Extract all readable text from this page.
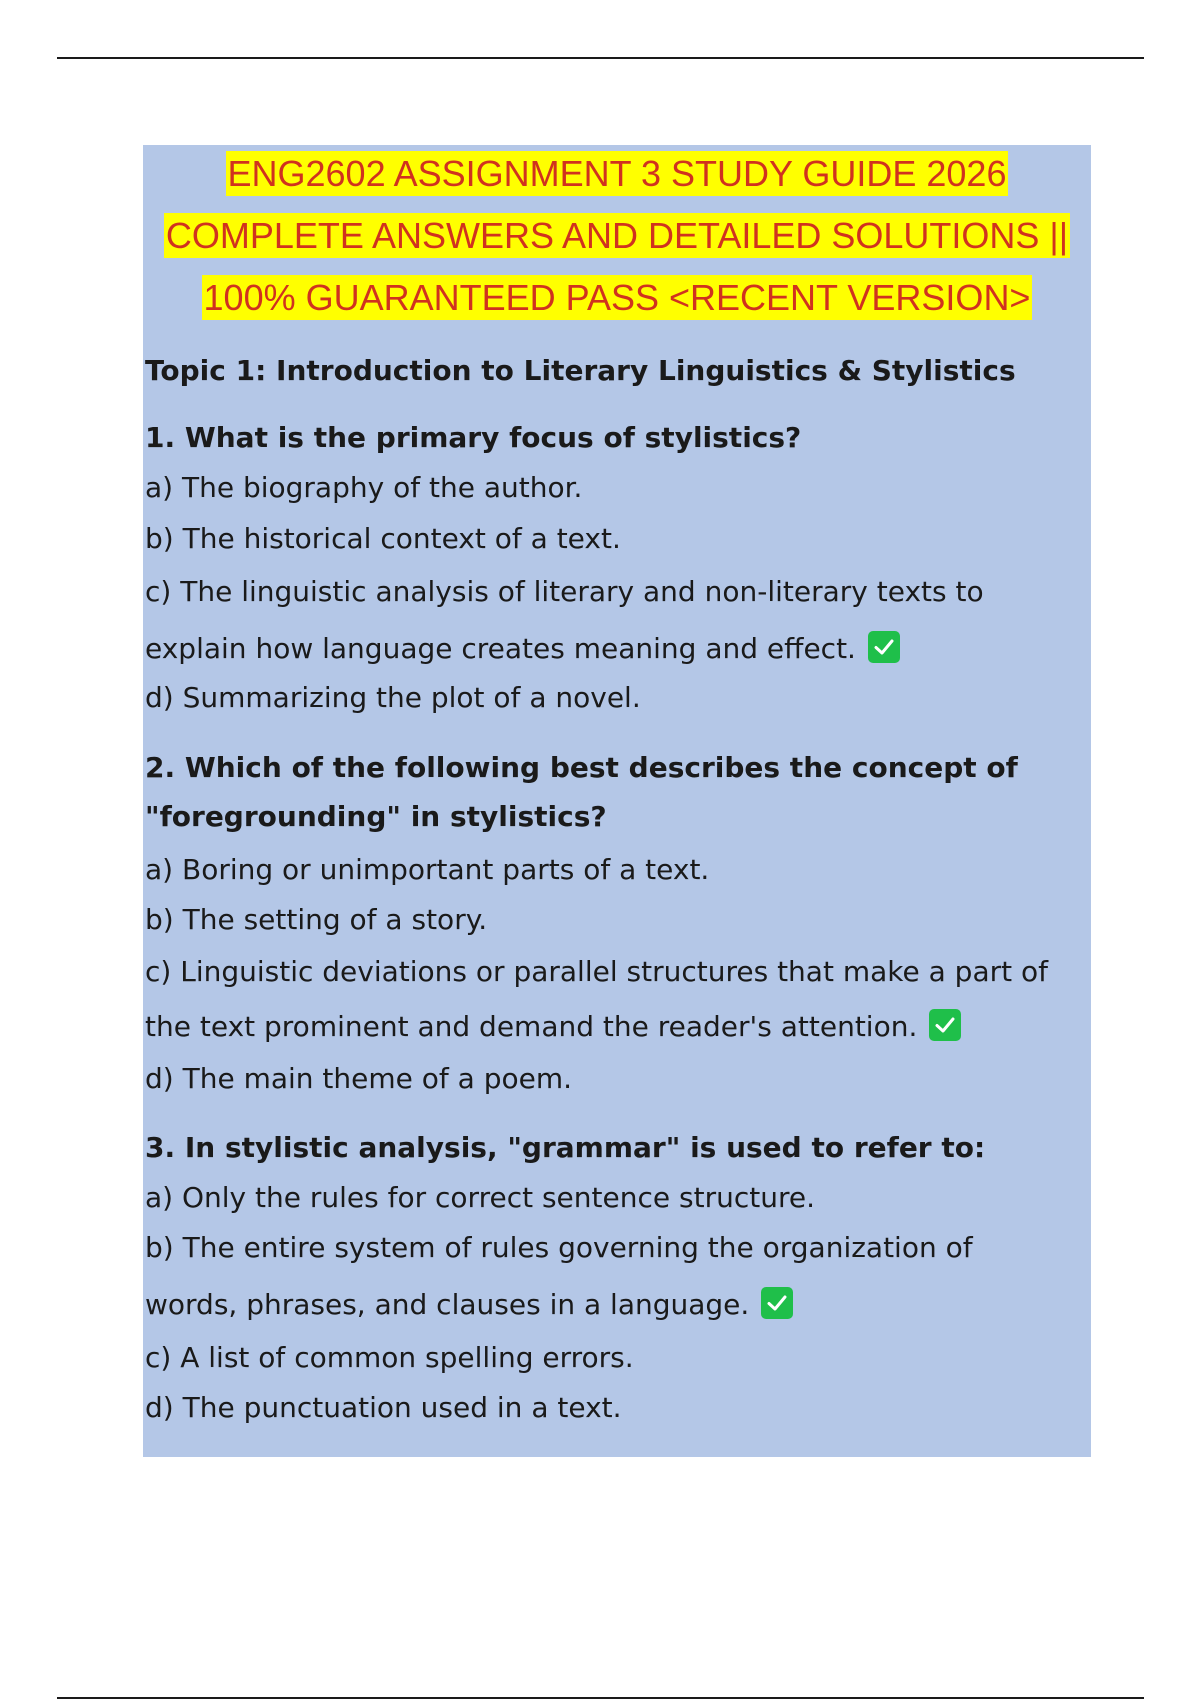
ENG2602 ASSIGNMENT 3 STUDY GUIDE 2026
COMPLETE ANSWERS AND DETAILED SOLUTIONS ||
100% GUARANTEED PASS <RECENT VERSION>
Topic 1: Introduction to Literary Linguistics & Stylistics
1. What is the primary focus of stylistics?
a) The biography of the author.
b) The historical context of a text.
c) The linguistic analysis of literary and non-literary texts to
explain how language creates meaning and effect.
d) Summarizing the plot of a novel.
2. Which of the following best describes the concept of
"foregrounding" in stylistics?
a) Boring or unimportant parts of a text.
b) The setting of a story.
c) Linguistic deviations or parallel structures that make a part of
the text prominent and demand the reader's attention.
d) The main theme of a poem.
3. In stylistic analysis, "grammar" is used to refer to:
a) Only the rules for correct sentence structure.
b) The entire system of rules governing the organization of
words, phrases, and clauses in a language.
c) A list of common spelling errors.
d) The punctuation used in a text.
